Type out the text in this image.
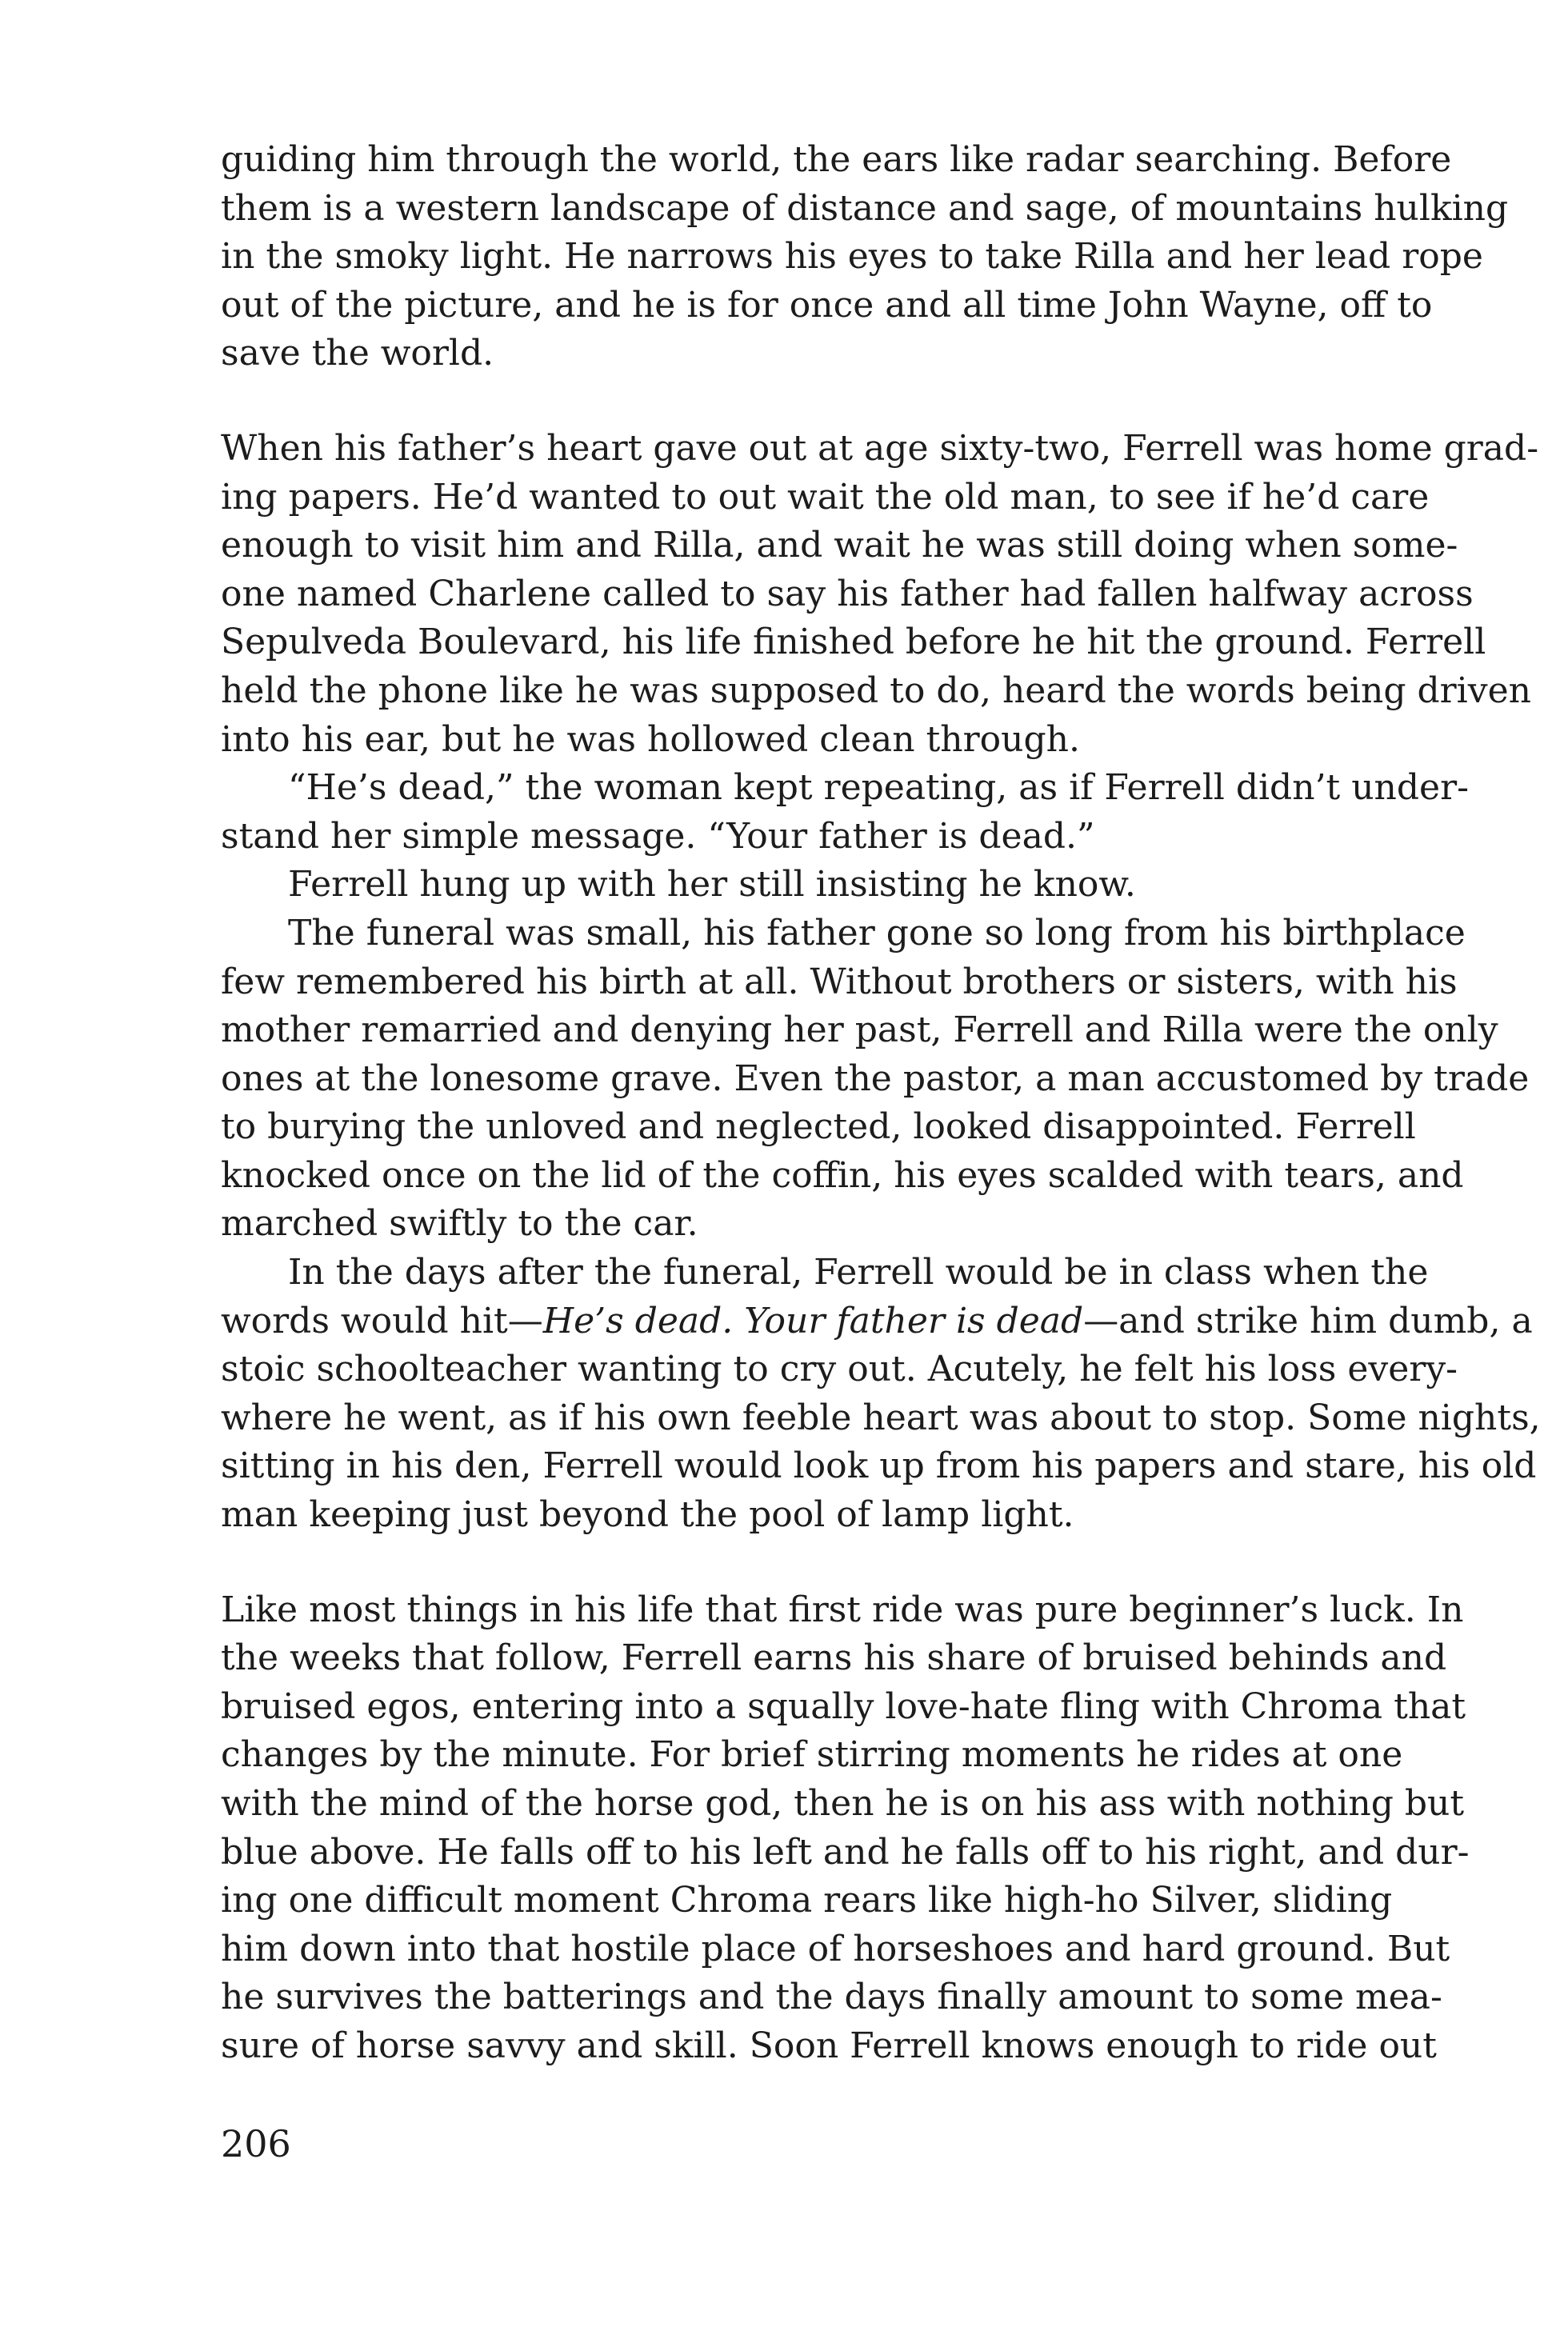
guiding him through the world, the ears like radar searching. Before
them is a western landscape of distance and sage, of mountains hulking
in the smoky light. He narrows his eyes to take Rilla and her lead rope
out of the picture, and he is for once and all time John Wayne, off to
save the world.
When his father’s heart gave out at age sixty-two, Ferrell was home grad-
ing papers. He’d wanted to out wait the old man, to see if he’d care
enough to visit him and Rilla, and wait he was still doing when some-
one named Charlene called to say his father had fallen halfway across
Sepulveda Boulevard, his life finished before he hit the ground. Ferrell
held the phone like he was supposed to do, heard the words being driven
into his ear, but he was hollowed clean through.
“He’s dead,” the woman kept repeating, as if Ferrell didn’t under-
stand her simple message. “Your father is dead.”
Ferrell hung up with her still insisting he know.
The funeral was small, his father gone so long from his birthplace
few remembered his birth at all. Without brothers or sisters, with his
mother remarried and denying her past, Ferrell and Rilla were the only
ones at the lonesome grave. Even the pastor, a man accustomed by trade
to burying the unloved and neglected, looked disappointed. Ferrell
knocked once on the lid of the coffin, his eyes scalded with tears, and
marched swiftly to the car.
In the days after the funeral, Ferrell would be in class when the
words would hit—He’s dead. Your father is dead—and strike him dumb, a
stoic schoolteacher wanting to cry out. Acutely, he felt his loss every-
where he went, as if his own feeble heart was about to stop. Some nights,
sitting in his den, Ferrell would look up from his papers and stare, his old
man keeping just beyond the pool of lamp light.
Like most things in his life that first ride was pure beginner’s luck. In
the weeks that follow, Ferrell earns his share of bruised behinds and
bruised egos, entering into a squally love-hate fling with Chroma that
changes by the minute. For brief stirring moments he rides at one
with the mind of the horse god, then he is on his ass with nothing but
blue above. He falls off to his left and he falls off to his right, and dur-
ing one difficult moment Chroma rears like high-ho Silver, sliding
him down into that hostile place of horseshoes and hard ground. But
he survives the batterings and the days finally amount to some mea-
sure of horse savvy and skill. Soon Ferrell knows enough to ride out
206
